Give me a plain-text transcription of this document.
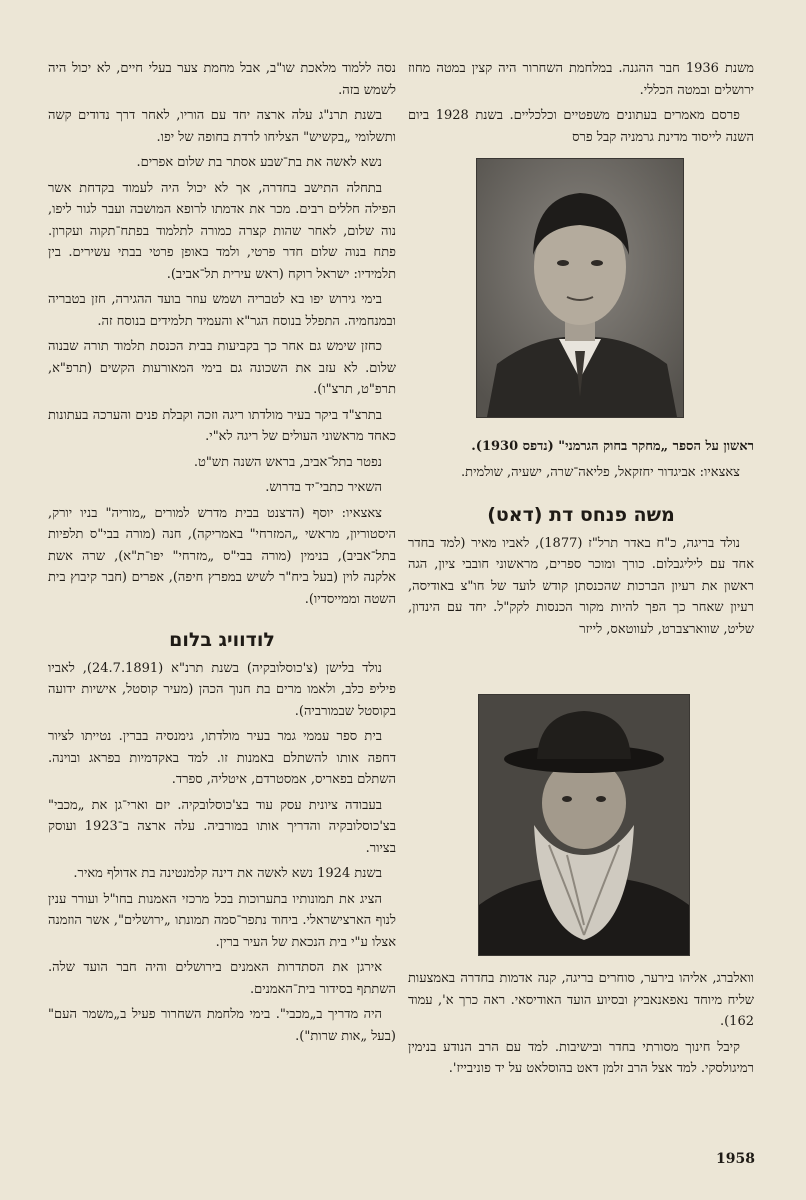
משנת 1936 חבר ההגנה. במלחמת השחרור היה קצין במטה מחוז ירושלים ובמטה הכללי.

פרסם מאמרים בעתונים משפטיים וכלכליים. בשנת 1928 ביום השנה לייסוד מדינת גרמניה קבל פרס

ראשון על הספר „מחקר בחוק הגרמני" (נדפס 1930).

צאצאיו: אביגדור יחזקאל, פליאה־שרה, ישעיה, שולמית.

משה פנחס דת (דאט)

נולד בריגה, כ"ח באדר תרל"ז (1877), לאביו מאיר (למד בחדר אחד עם ליליגבלום. כורך ומוכר ספרים, מראשוני חובבי ציון, הגה ראשון את רעיון הברכות שהכנסתן קודש לועד של חו"צ באודיסה, רעיון שאחר כך הפך להיות מקור הכנסות לקק"ל. יחד עם הינדון, שליט, שווארצברט, לעווטאס, לייזר

וואלברג, אליהו בירער, סוחרים בריגה, קנה אדמות בחדרה באמצעות שליח מיוחד נאפאנאביץ ובסיוע הועד האודיסאי. ראה כרך א', עמוד 162).

קיבל חינוך מסורתי בחדר ובישיבות. למד עם הרב הנודע בנימין רמיגולסקי. למד אצל הרב זלמן דאט בהוסלאט על יד פוניבייז'.

נסה ללמוד מלאכת שו"ב, אבל מחמת צער בעלי חיים, לא יכול היה לשמש בזה.

בשנת תרנ"ג עלה ארצה יחד עם הוריו, לאחר דרך נדודים קשה ותשלומי „בקשיש" הצליחו לרדת בחופה של יפו.

נשא לאשה את בת־שבע אסתר בת שלום אפרים.

בתחלה התישב בחדרה, אך לא יכול היה לעמוד בקדחת אשר הפילה חללים רבים. מכר את אדמתו לרופא המושבה ועבר לגור ליפו, נוה שלום, לאחר שהות קצרה כמורה לתלמוד בפתח־תקוה ועקרון. פתח בנוה שלום חדר פרטי, ולמד באופן פרטי בבתי עשירים. בין תלמידיו: ישראל רוקח (ראש עירית תל־אביב).

בימי גירוש יפו בא לטבריה ושמש עוזר בועד ההגירה, חזן בטבריה ובמנחמיה. התפלל בנוסח הגר"א והעמיד תלמידים בנוסח זה.

כחזן שימש גם אחר כך בקביעות בבית הכנסת תלמוד תורה שבנוה שלום. לא עזב את השכונה גם בימי המאורעות הקשים (תרפ"א, תרפ"ט, תרצ"ו).

בתרצ"ד ביקר בעיר מולדתו ריגה וזכה וקבלת פנים והערכה בעתונות כאחד מראשוני העולים של ריגה לא"י.

נפטר בתל־אביב, בראש השנה תש"ט.

השאיר כתבי־יד בדרוש.

צאצאיו: יוסף (הדצנט בבית מדרש למורים „מוריה" בניו יורק, היסטוריון, מראשי „המזרחי" באמריקה), חנה (מורה בבי"ס תלפיות בתל־אביב), בנימין (מורה בבי"ס „מזרחי" יפו־ת"א), שרה אשת אלקנה לוין (בעל ביח"ר לשיש במפרץ חיפה), אפרים (חבר קיבוץ בית השטה וממייסדיו).

לודוויג בלום

נולד בלישן (צ'כוסלובקיה) בשנת תרנ"א (24.7.1891), לאביו פיליפ כלב, ולאמו מרים בת חנוך הכהן (מעיר קוסטל, אישיות ידועה בקוסטל שבמורביה).

בית ספר עממי גמר בעיר מולדתו, גימנסיה בברין. נטייתו לציור דחפה אותו להשתלם באמנות זו. למד באקדמיות בפראג ובוינה. השתלם בפאריס, אמסטרדם, איטליה, ספרד.

בעבודה ציונית עסק עוד בצ'כוסלובקיה. יזם וארי־גן את „מכבי" בצ'כוסלובקיה והדריך אותו במורביה. עלה ארצה ב־1923 ועוסק בציור.

בשנת 1924 נשא לאשה את דינה קלמנטינה בת אדולף מאיר.

הציג את תמונותיו בתערוכות בכל מרכזי האמנות בחו"ל ועורר ענין לנוף הארצישראלי. ביחוד נתפר־סמה תמונתו „ירושלים", אשר הוזמנה אצלו ע"י בית הנכאת של העיר ברין.

אירגן את הסתדרות האמנים בירושלים והיה חבר הועד שלה. השתתף בסידור בית־האמנים.

היה מדריך ב„מכבי". בימי מלחמת השחרור פעיל ב„משמר העם" (בעל „אות שרות").

1958
